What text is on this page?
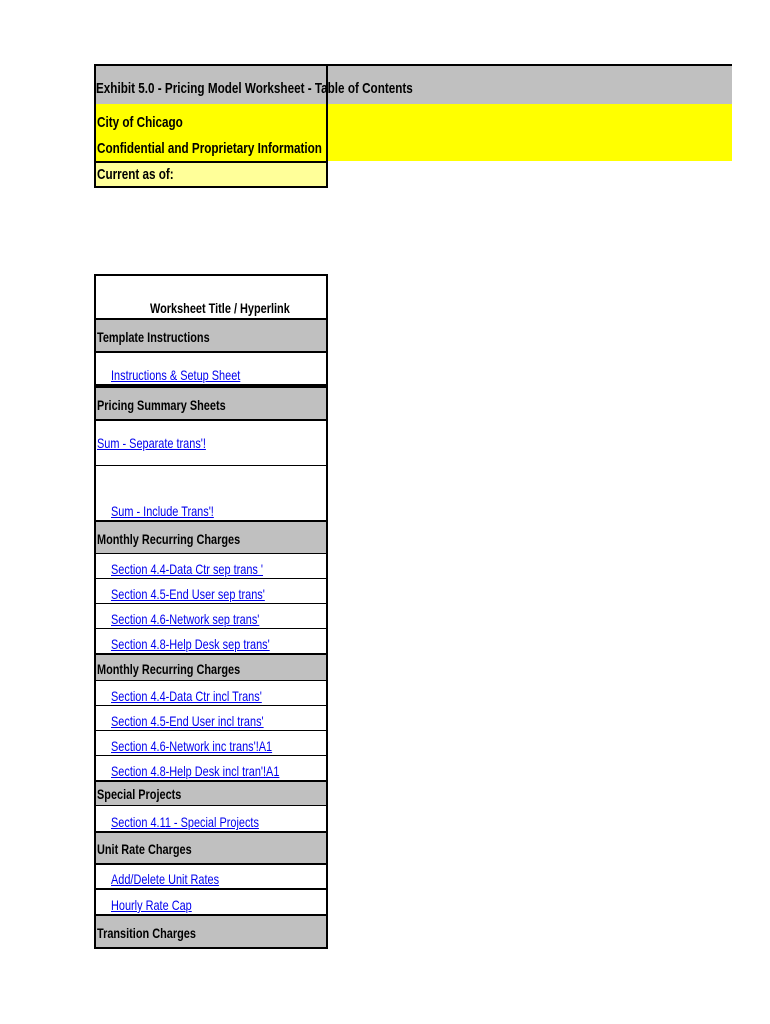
Exhibit 5.0 - Pricing Model Worksheet - Table of Contents
City of Chicago
Confidential and Proprietary Information
Current as of:
Worksheet Title / Hyperlink
Template Instructions
Instructions & Setup Sheet
Pricing Summary Sheets
Sum - Separate trans'!
Sum - Include Trans'!
Monthly Recurring Charges
Section 4.4-Data Ctr sep trans '
Section 4.5-End User sep trans'
Section 4.6-Network sep trans'
Section 4.8-Help Desk sep trans'
Monthly Recurring Charges
Section 4.4-Data Ctr incl Trans'
Section 4.5-End User incl trans'
Section 4.6-Network inc trans'!A1
Section 4.8-Help Desk incl tran'!A1
Special Projects
Section 4.11 - Special Projects
Unit Rate Charges
Add/Delete Unit Rates
Hourly Rate Cap
Transition Charges
